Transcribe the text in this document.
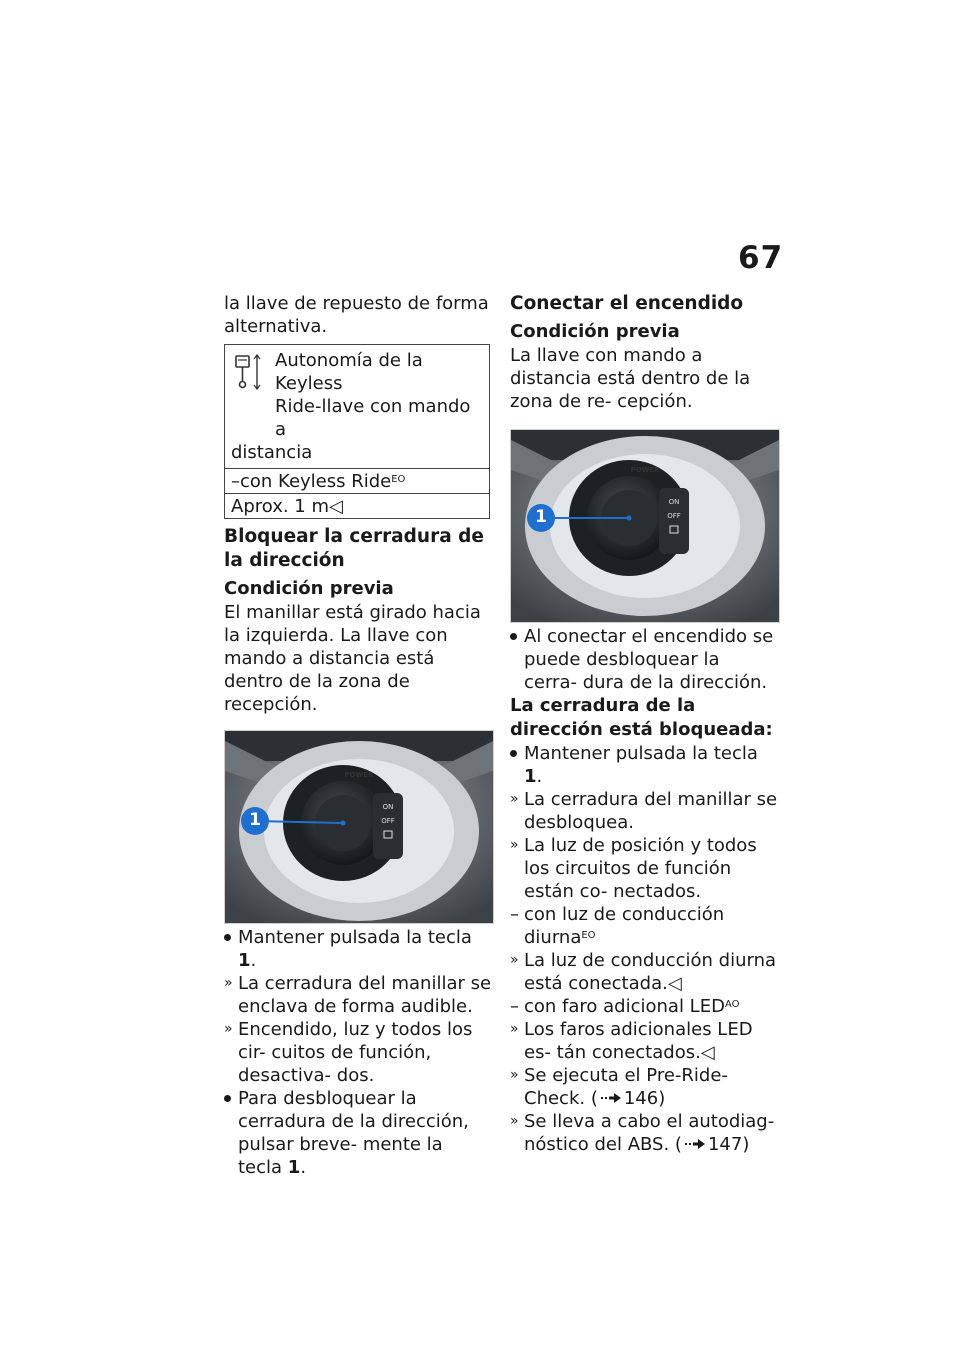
67

la llave de repuesto de forma alternativa.

Autonomía de la Keyless
Ride-llave con mando a
distancia
–con Keyless Ride$^{EO}$
Aprox. 1 m◁

Bloquear la cerradura de la dirección

Condición previa

El manillar está girado hacia la izquierda. La llave con mando a distancia está dentro de la zona de recepción.

ON
OFF
POWER
1
Mantener pulsada la tecla 1.
» La cerradura del manillar se enclava de forma audible.
» Encendido, luz y todos los cir- cuitos de función, desactiva- dos.
Para desbloquear la cerradura de la dirección, pulsar breve- mente la tecla 1.

Conectar el encendido

Condición previa

La llave con mando a distancia está dentro de la zona de re- cepción.

ON
OFF
POWER
1
Al conectar el encendido se puede desbloquear la cerra- dura de la dirección.

La cerradura de la dirección está bloqueada:

Mantener pulsada la tecla 1.
» La cerradura del manillar se desbloquea.
» La luz de posición y todos los circuitos de función están co- nectados.
– con luz de conducción diurna$^{EO}$
» La luz de conducción diurna está conectada.◁
– con faro adicional $LED^{AO}$
» Los faros adicionales LED es- tán conectados.◁
» Se ejecuta el Pre-Ride-Check. ( 146)
» Se lleva a cabo el autodiag- nóstico del ABS. ( 147)
